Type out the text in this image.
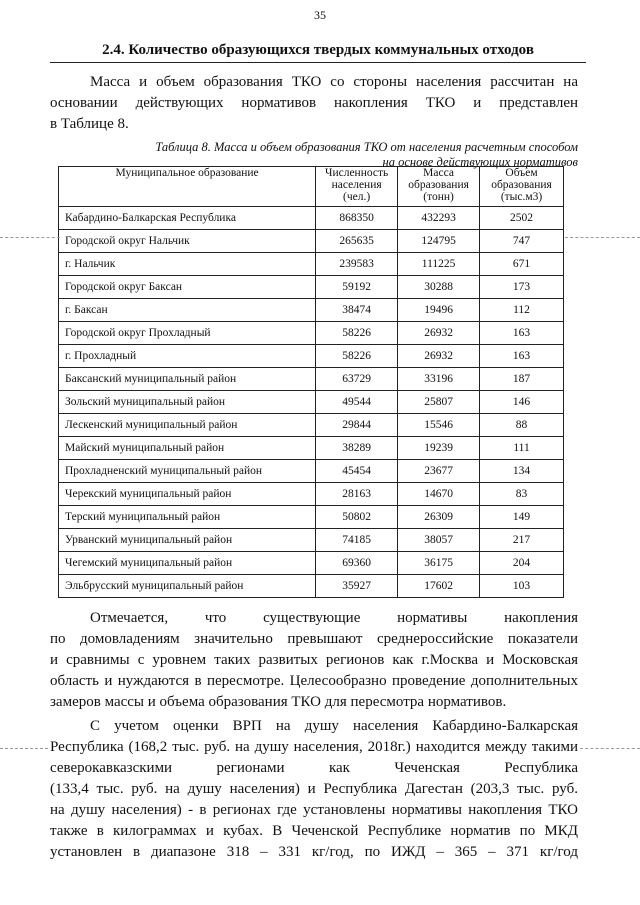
35
2.4. Количество образующихся твердых коммунальных отходов

Масса и объем образования ТКО со стороны населения рассчитан на
основании действующих нормативов накопления ТКО и представлен
в Таблице 8.

Таблица 8. Масса и объем образования ТКО от населения расчетным способом
на основе действующих нормативов
Муниципальное образование	Численность населения (чел.)	Масса образования (тонн)	Объем образования (тыс.м3)
Кабардино-Балкарская Республика	868350	432293	2502
Городской округ Нальчик	265635	124795	747
г. Нальчик	239583	111225	671
Городской округ Баксан	59192	30288	173
г. Баксан	38474	19496	112
Городской округ Прохладный	58226	26932	163
г. Прохладный	58226	26932	163
Баксанский муниципальный район	63729	33196	187
Зольский муниципальный район	49544	25807	146
Лескенский муниципальный район	29844	15546	88
Майский муниципальный район	38289	19239	111
Прохладненский муниципальный район	45454	23677	134
Черекский муниципальный район	28163	14670	83
Терский муниципальный район	50802	26309	149
Урванский муниципальный район	74185	38057	217
Чегемский муниципальный район	69360	36175	204
Эльбрусский муниципальный район	35927	17602	103

Отмечается, что существующие нормативы накопления
по домовладениям значительно превышают среднероссийские показатели
и сравнимы с уровнем таких развитых регионов как г.Москва и Московская
область и нуждаются в пересмотре. Целесообразно проведение дополнительных
замеров массы и объема образования ТКО для пересмотра нормативов.

С учетом оценки ВРП на душу населения Кабардино-Балкарская
Республика (168,2 тыс. руб. на душу населения, 2018г.) находится между такими
северокавказскими регионами как Чеченская Республика
(133,4 тыс. руб. на душу населения) и Республика Дагестан (203,3 тыс. руб.
на душу населения) - в регионах где установлены нормативы накопления ТКО
также в килограммах и кубах. В Чеченской Республике норматив по МКД
установлен в диапазоне 318 – 331 кг/год, по ИЖД – 365 – 371 кг/год
